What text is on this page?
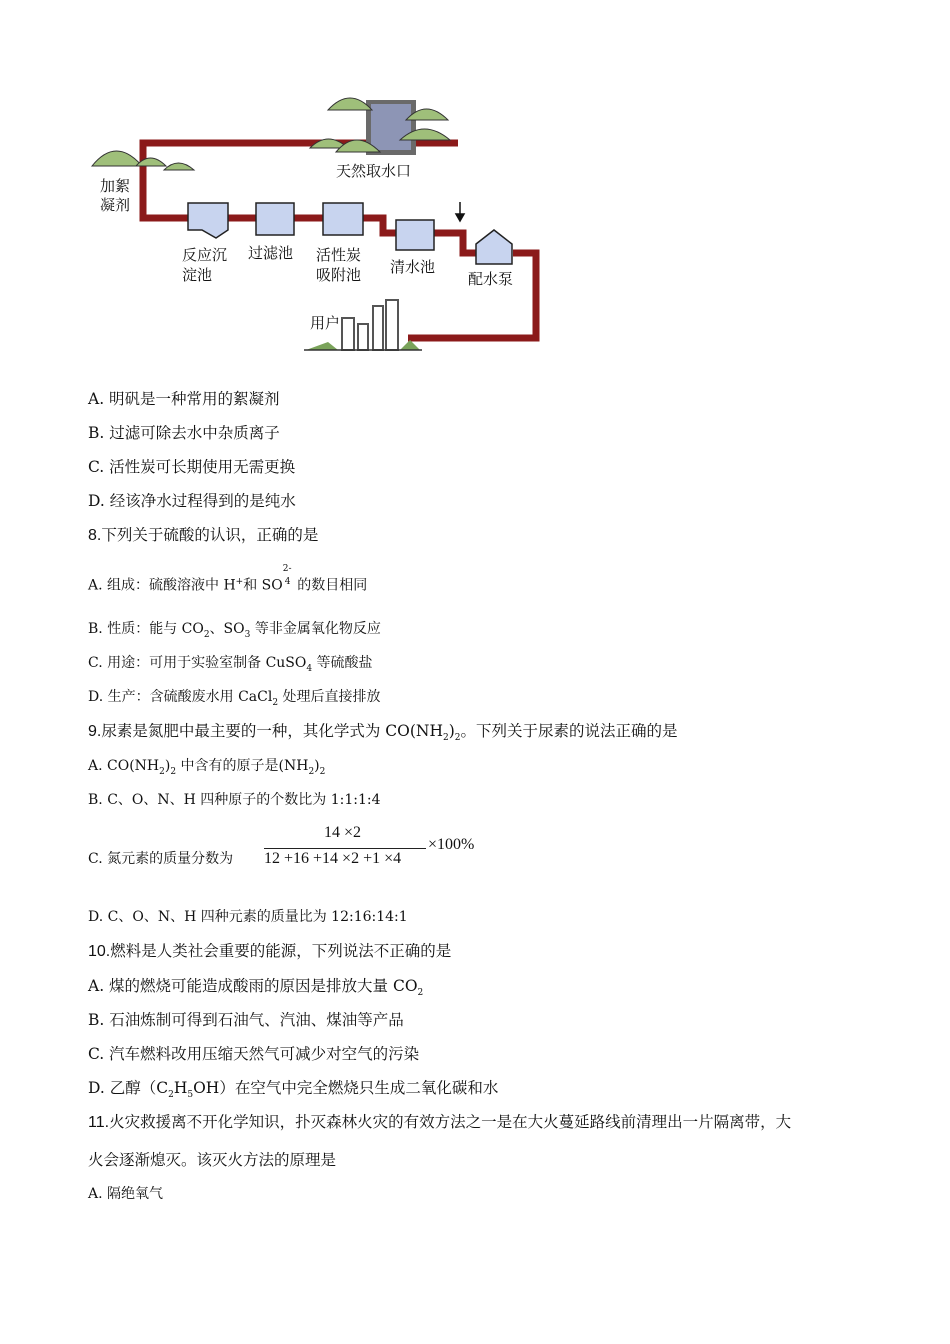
天然取水口
加絮
凝剂
反应沉
淀池
过滤池 活性炭
吸附池 清水池
配水泵
用户
A. 明矾是一种常用的絮凝剂
B. 过滤可除去水中杂质离子
C. 活性炭可长期使用无需更换
D. 经该净水过程得到的是纯水
8.下列关于硫酸的认识，正确的是
A. 组成：硫酸溶液中 H+和 SO
2-
4 的数目相同
B. 性质：能与 $CO_2$、$SO_3$ 等非金属氧化物反应
C. 用途：可用于实验室制备 CuSO$_4$ 等硫酸盐
D. 生产：含硫酸废水用 CaCl$_2$ 处理后直接排放
9.尿素是氮肥中最主要的一种，其化学式为 $CO(NH_2)_2$。下列关于尿素的说法正确的是
A. $CO(NH_2)_2$ 中含有的原子是$(NH_2)_2$
B. C、O、N、H 四种原子的个数比为 1:1:1:4
C. 氮元素的质量分数为
14 ×2
12 +16 +14 ×2 +1 ×4
×100%
D. C、O、N、H 四种元素的质量比为 12:16:14:1
10.燃料是人类社会重要的能源，下列说法不正确的是
A. 煤的燃烧可能造成酸雨的原因是排放大量 $CO_2$
B. 石油炼制可得到石油气、汽油、煤油等产品
C. 汽车燃料改用压缩天然气可减少对空气的污染
D. 乙醇$(C_2H_5OH)$在空气中完全燃烧只生成二氧化碳和水
11.火灾救援离不开化学知识，扑灭森林火灾的有效方法之一是在大火蔓延路线前清理出一片隔离带，大
火会逐渐熄灭。该灭火方法的原理是
A. 隔绝氧气
